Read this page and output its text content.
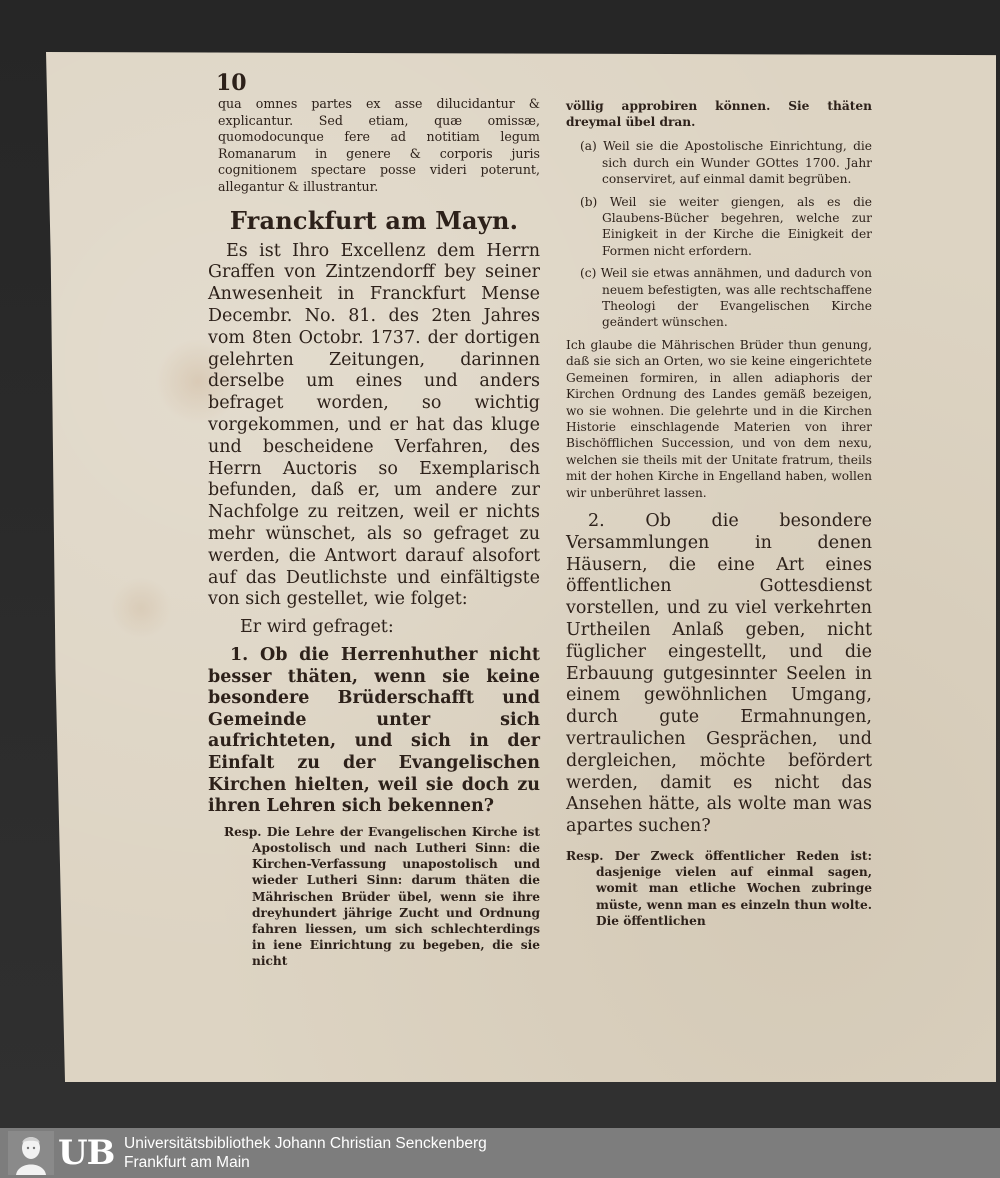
10

qua omnes partes ex asse dilucidantur & explicantur. Sed etiam, quæ omissæ, quomodocunque fere ad notitiam legum Romanarum in genere & corporis juris cognitionem spectare posse videri poterunt, allegantur & illustrantur.

Franckfurt am Mayn.

Es ist Ihro Excellenz dem Herrn Graffen von Zintzendorff bey seiner Anwesenheit in Franckfurt Mense Decembr. No. 81. des 2ten Jahres vom 8ten Octobr. 1737. der dortigen gelehrten Zeitungen, darinnen derselbe um eines und anders befraget worden, so wichtig vorgekommen, und er hat das kluge und bescheidene Verfahren, des Herrn Auctoris so Exemplarisch befunden, daß er, um andere zur Nachfolge zu reitzen, weil er nichts mehr wünschet, als so gefraget zu werden, die Antwort darauf alsofort auf das Deutlichste und einfältigste von sich gestellet, wie folget:

Er wird gefraget:

1. Ob die Herrenhuther nicht besser thäten, wenn sie keine besondere Brüderschafft und Gemeinde unter sich aufrichteten, und sich in der Einfalt zu der Evangelischen Kirchen hielten, weil sie doch zu ihren Lehren sich bekennen?

Resp. Die Lehre der Evangelischen Kirche ist Apostolisch und nach Lutheri Sinn: die Kirchen-Verfassung unapostolisch und wieder Lutheri Sinn: darum thäten die Mährischen Brüder übel, wenn sie ihre dreyhundert jährige Zucht und Ordnung fahren liessen, um sich schlechterdings in iene Einrichtung zu begeben, die sie nicht

völlig approbiren können. Sie thäten dreymal übel dran.

(a) Weil sie die Apostolische Einrichtung, die sich durch ein Wunder GOttes 1700. Jahr conserviret, auf einmal damit begrüben.

(b) Weil sie weiter giengen, als es die Glaubens-Bücher begehren, welche zur Einigkeit in der Kirche die Einigkeit der Formen nicht erfordern.

(c) Weil sie etwas annähmen, und dadurch von neuem befestigten, was alle rechtschaffene Theologi der Evangelischen Kirche geändert wünschen.

Ich glaube die Mährischen Brüder thun genung, daß sie sich an Orten, wo sie keine eingerichtete Gemeinen formiren, in allen adiaphoris der Kirchen Ordnung des Landes gemäß bezeigen, wo sie wohnen. Die gelehrte und in die Kirchen Historie einschlagende Materien von ihrer Bischöfflichen Succession, und von dem nexu, welchen sie theils mit der Unitate fratrum, theils mit der hohen Kirche in Engelland haben, wollen wir unberühret lassen.

2. Ob die besondere Versammlungen in denen Häusern, die eine Art eines öffentlichen Gottesdienst vorstellen, und zu viel verkehrten Urtheilen Anlaß geben, nicht füglicher eingestellt, und die Erbauung gutgesinnter Seelen in einem gewöhnlichen Umgang, durch gute Ermahnungen, vertraulichen Gesprächen, und dergleichen, möchte befördert werden, damit es nicht das Ansehen hätte, als wolte man was apartes suchen?

Resp. Der Zweck öffentlicher Reden ist: dasjenige vielen auf einmal sagen, womit man etliche Wochen zubringe müste, wenn man es einzeln thun wolte. Die öffentlichen

UB Universitätsbibliothek Johann Christian Senckenberg
Frankfurt am Main
